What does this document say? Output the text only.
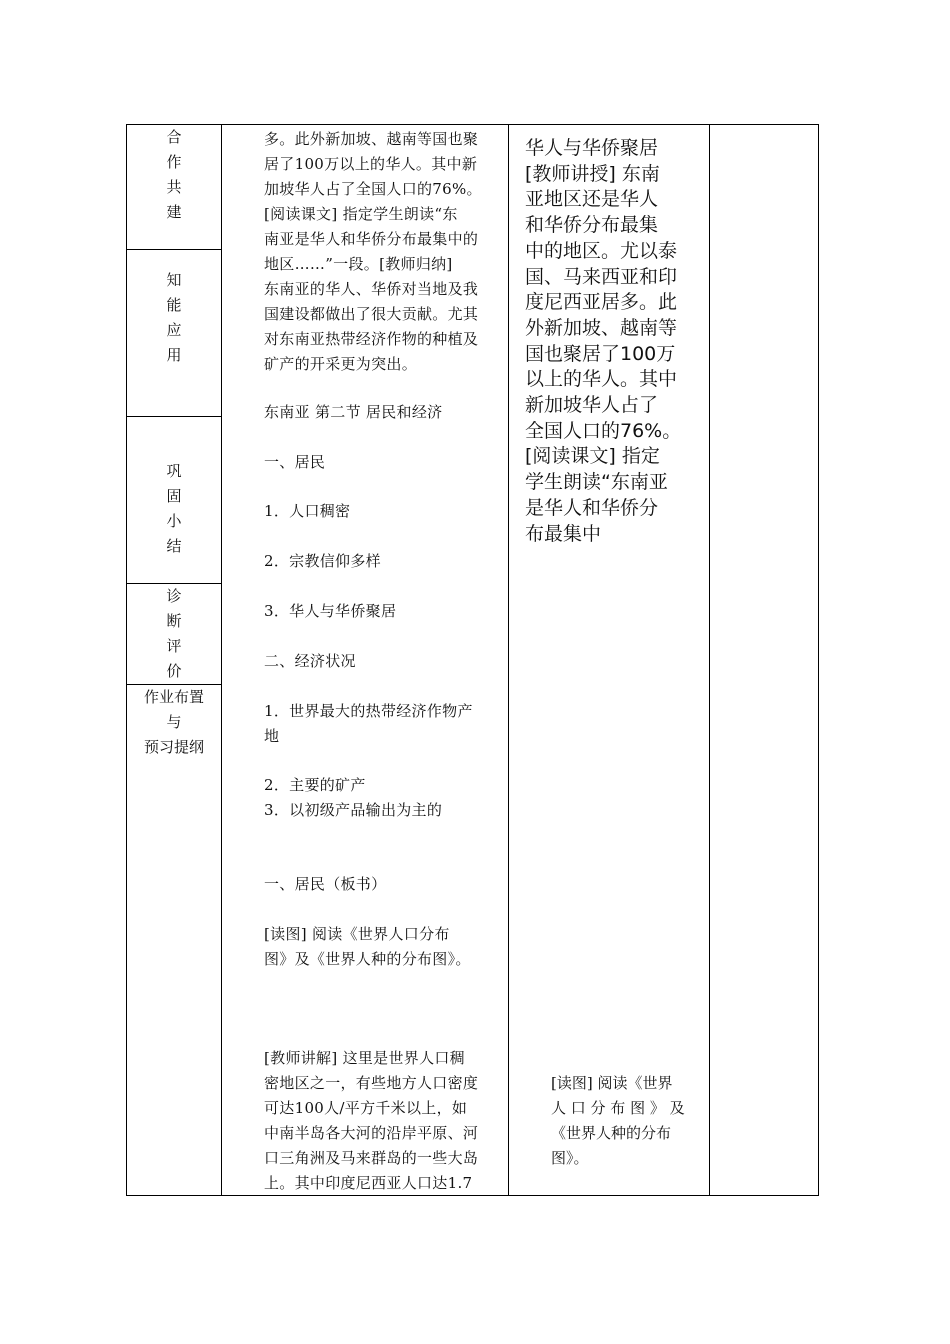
合
作
共
建
知
能
应
用
巩
固
小
结
诊
断
评
价
作业布置
与
预习提纲
多。此外新加坡、越南等国也聚
居了100万以上的华人。其中新
加坡华人占了全国人口的76%。
[阅读课文] 指定学生朗读“东
南亚是华人和华侨分布最集中的
地区……”一段。[教师归纳]
东南亚的华人、华侨对当地及我
国建设都做出了很大贡献。尤其
对东南亚热带经济作物的种植及
矿产的开采更为突出。
东南亚 第二节 居民和经济
一、居民
1．人口稠密
2．宗教信仰多样
3．华人与华侨聚居
二、经济状况
1．世界最大的热带经济作物产
地
2．主要的矿产
3．以初级产品输出为主的
一、居民（板书）
[读图] 阅读《世界人口分布
图》及《世界人种的分布图》。
[教师讲解] 这里是世界人口稠
密地区之一，有些地方人口密度
可达100人/平方千米以上，如
中南半岛各大河的沿岸平原、河
口三角洲及马来群岛的一些大岛
上。其中印度尼西亚人口达1.7
华人与华侨聚居
[教师讲授] 东南
亚地区还是华人
和华侨分布最集
中的地区。尤以泰
国、马来西亚和印
度尼西亚居多。此
外新加坡、越南等
国也聚居了100万
以上的华人。其中
新加坡华人占了
全国人口的76%。
[阅读课文] 指定
学生朗读“东南亚
是华人和华侨分
布最集中
[读图] 阅读《世界
人 口 分 布 图 》 及
《世界人种的分布
图》。
